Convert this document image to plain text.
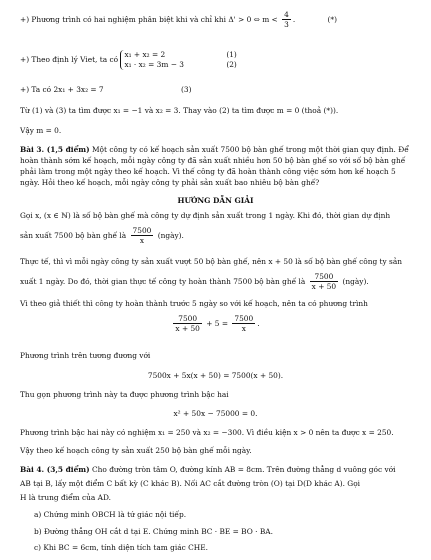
+) Phương trình có hai nghiệm phân biệt khi và chỉ khi Δ' > 0 ⇔ $m < \frac{4}{3}$ .	(*)
+) Theo định lý Viet, ta có
x₁ + x₂ = 2
x₁ · x₂ = 3m − 3

(1)
(2)
+) Ta có 2x₁ + 3x₂ = 7	(3)
Từ (1) và (3) ta tìm được x₁ = −1 và x₂ = 3. Thay vào (2) ta tìm được m = 0 (thoả (*)).
Vậy m = 0.
Bài 3. (1,5 điểm) Một công ty có kế hoạch sản xuất 7500 bộ bàn ghế trong một thời gian quy định. Để
hoàn thành sớm kế hoạch, mỗi ngày công ty đã sản xuất nhiều hơn 50 bộ bàn ghế so với số bộ bàn ghế
phải làm trong một ngày theo kế hoạch. Vì thế công ty đã hoàn thành công việc sớm hơn kế hoạch 5
ngày. Hỏi theo kế hoạch, mỗi ngày công ty phải sản xuất bao nhiêu bộ bàn ghế?
HƯỚNG DẪN GIẢI
Gọi x, (x ∈ ℕ) là số bộ bàn ghế mà công ty dự định sản xuất trong 1 ngày. Khi đó, thời gian dự định
sản xuất 7500 bộ bàn ghế là $\frac{7500}{x}$ (ngày).
Thực tế, thì vì mỗi ngày công ty sản xuất vượt 50 bộ bàn ghế, nên x + 50 là số bộ bàn ghế công ty sản
xuất 1 ngày. Do đó, thời gian thực tế công ty hoàn thành 7500 bộ bàn ghế là $\frac{7500}{x + 50}$ (ngày).
Vì theo giả thiết thì công ty hoàn thành trước 5 ngày so với kế hoạch, nên ta có phương trình
$\frac{7500}{x + 50} + 5 = \frac{7500}{x}$ .
Phương trình trên tương đương với
7500x + 5x(x + 50) = 7500(x + 50).
Thu gọn phương trình này ta được phương trình bậc hai
x² + 50x − 75000 = 0.
Phương trình bậc hai này có nghiệm x₁ = 250 và x₂ = −300. Vì điều kiện x > 0 nên ta được x = 250.
Vậy theo kế hoạch công ty sản xuất 250 bộ bàn ghế mỗi ngày.
Bài 4. (3,5 điểm) Cho đường tròn tâm O, đường kính AB = 8cm. Trên đường thẳng d vuông góc với
AB tại B, lấy một điểm C bất kỳ (C khác B). Nối AC cắt đường tròn (O) tại D(D khác A). Gọi
H là trung điểm của AD.
a) Chứng minh OBCH là tứ giác nội tiếp.
b) Đường thẳng OH cắt d tại E. Chứng minh BC · BE = BO · BA.
c) Khi BC = 6cm, tính diện tích tam giác CHE.
